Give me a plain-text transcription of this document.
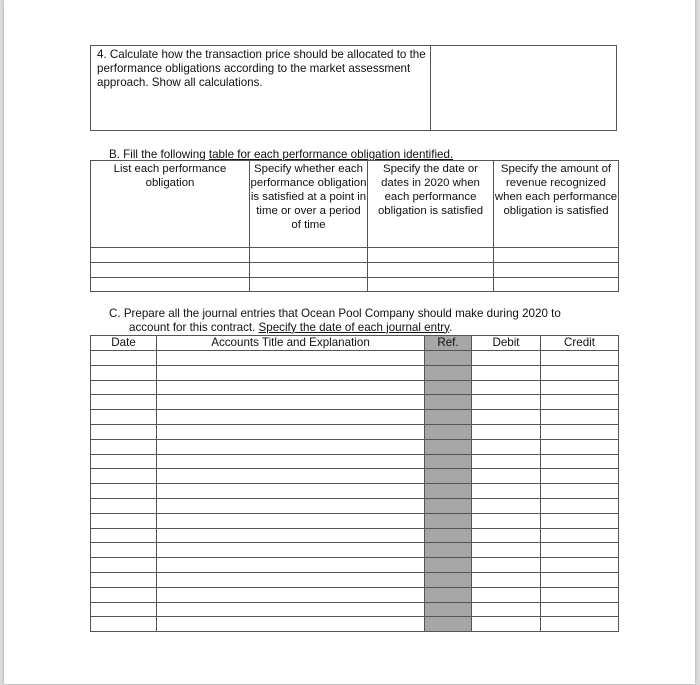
4. Calculate how the transaction price should be allocated to the performance obligations according to the market assessment approach. Show all calculations.
B. Fill the following table for each performance obligation identified.
List each performance obligation	Specify whether each performance obligation is satisfied at a point in time or over a period of time	Specify the date or dates in 2020 when each performance obligation is satisfied	Specify the amount of revenue recognized when each performance obligation is satisfied

C. Prepare all the journal entries that Ocean Pool Company should make during 2020 to
account for this contract. Specify the date of each journal entry.
Date	Accounts Title and Explanation	Ref.	Debit	Credit
